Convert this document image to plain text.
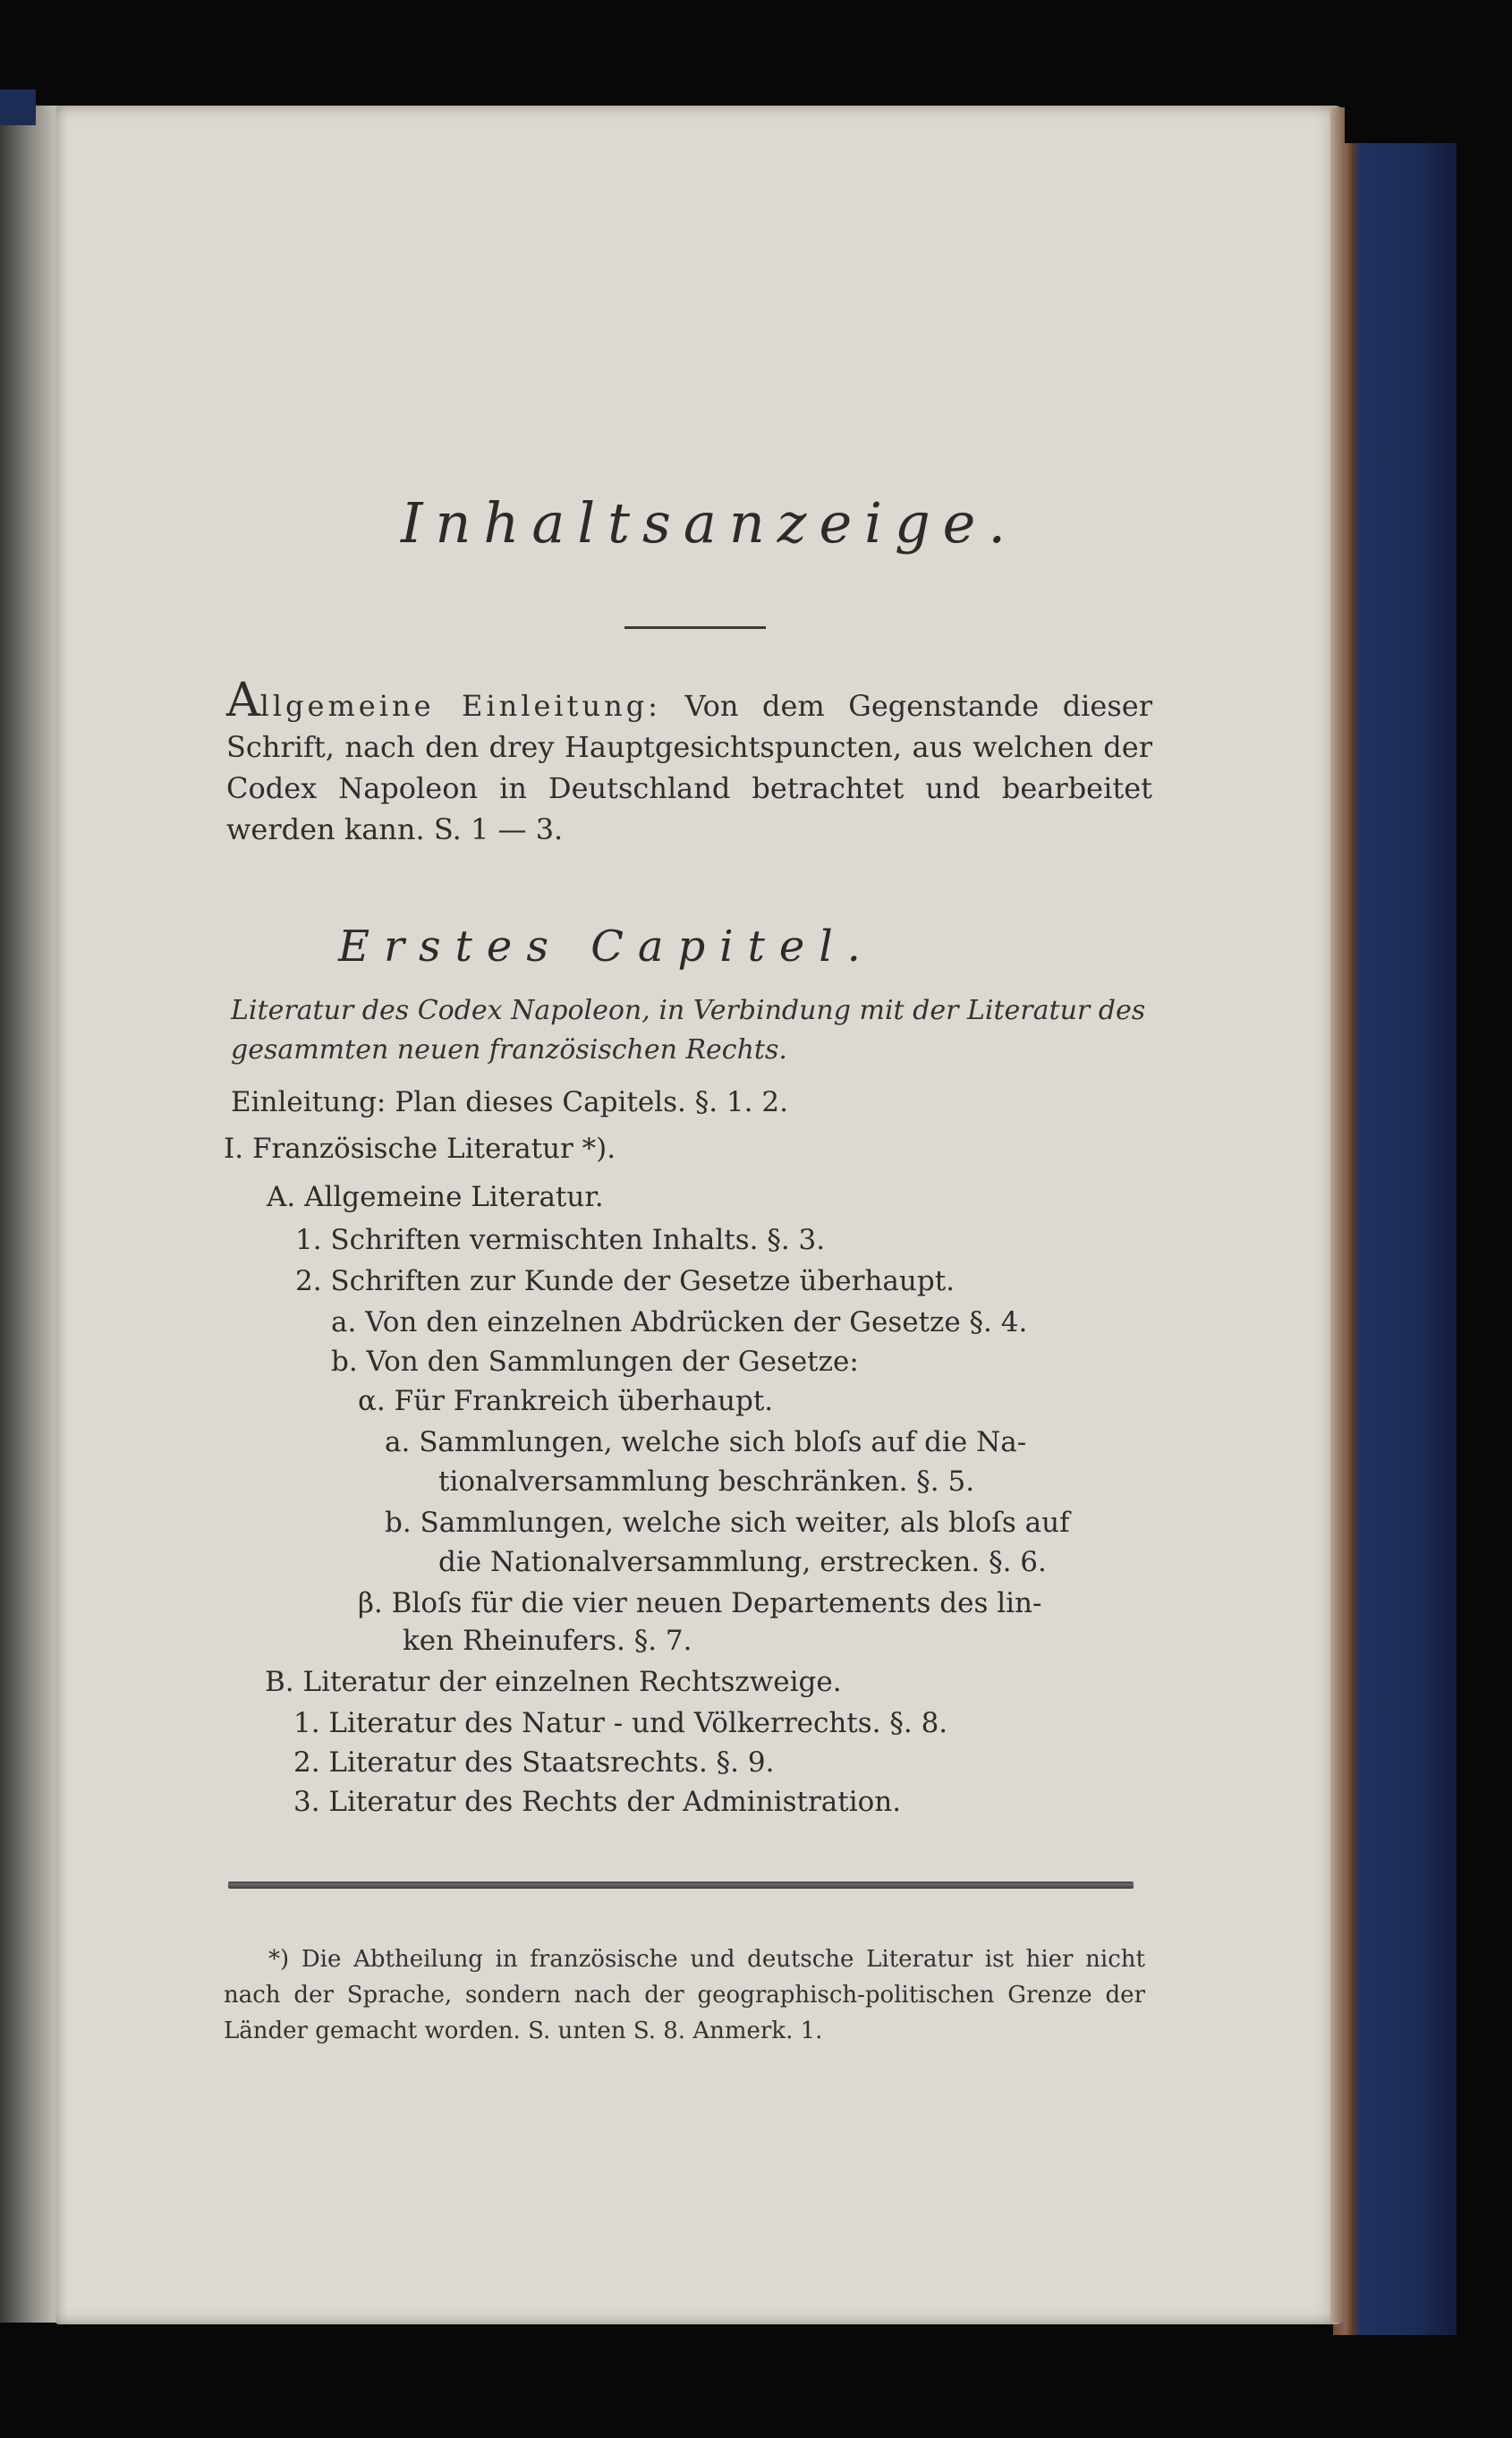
Inhaltsanzeige.
Allgemeine Einleitung: Von dem Gegenstande dieser Schrift, nach den drey Hauptgesichtspuncten, aus welchen der Codex Napoleon in Deutschland betrachtet und bearbeitet werden kann. S. 1 — 3.
Erstes Capitel.
Literatur des Codex Napoleon, in Verbindung mit der Literatur des gesammten neuen französischen Rechts.
Einleitung: Plan dieses Capitels. §. 1. 2.
I. Französische Literatur *).
A. Allgemeine Literatur.
1. Schriften vermischten Inhalts. §. 3.
2. Schriften zur Kunde der Gesetze überhaupt.
a. Von den einzelnen Abdrücken der Gesetze §. 4.
b. Von den Sammlungen der Gesetze:
α. Für Frankreich überhaupt.
a. Sammlungen, welche sich bloſs auf die Na-
tionalversammlung beschränken. §. 5.
b. Sammlungen, welche sich weiter, als bloſs auf
die Nationalversammlung, erstrecken. §. 6.
β. Bloſs für die vier neuen Departements des lin-
ken Rheinufers. §. 7.
B. Literatur der einzelnen Rechtszweige.
1. Literatur des Natur - und Völkerrechts. §. 8.
2. Literatur des Staatsrechts. §. 9.
3. Literatur des Rechts der Administration.
*) Die Abtheilung in französische und deutsche Literatur ist hier nicht nach der Sprache, sondern nach der geographisch-politischen Grenze der Länder gemacht worden. S. unten S. 8. Anmerk. 1.
